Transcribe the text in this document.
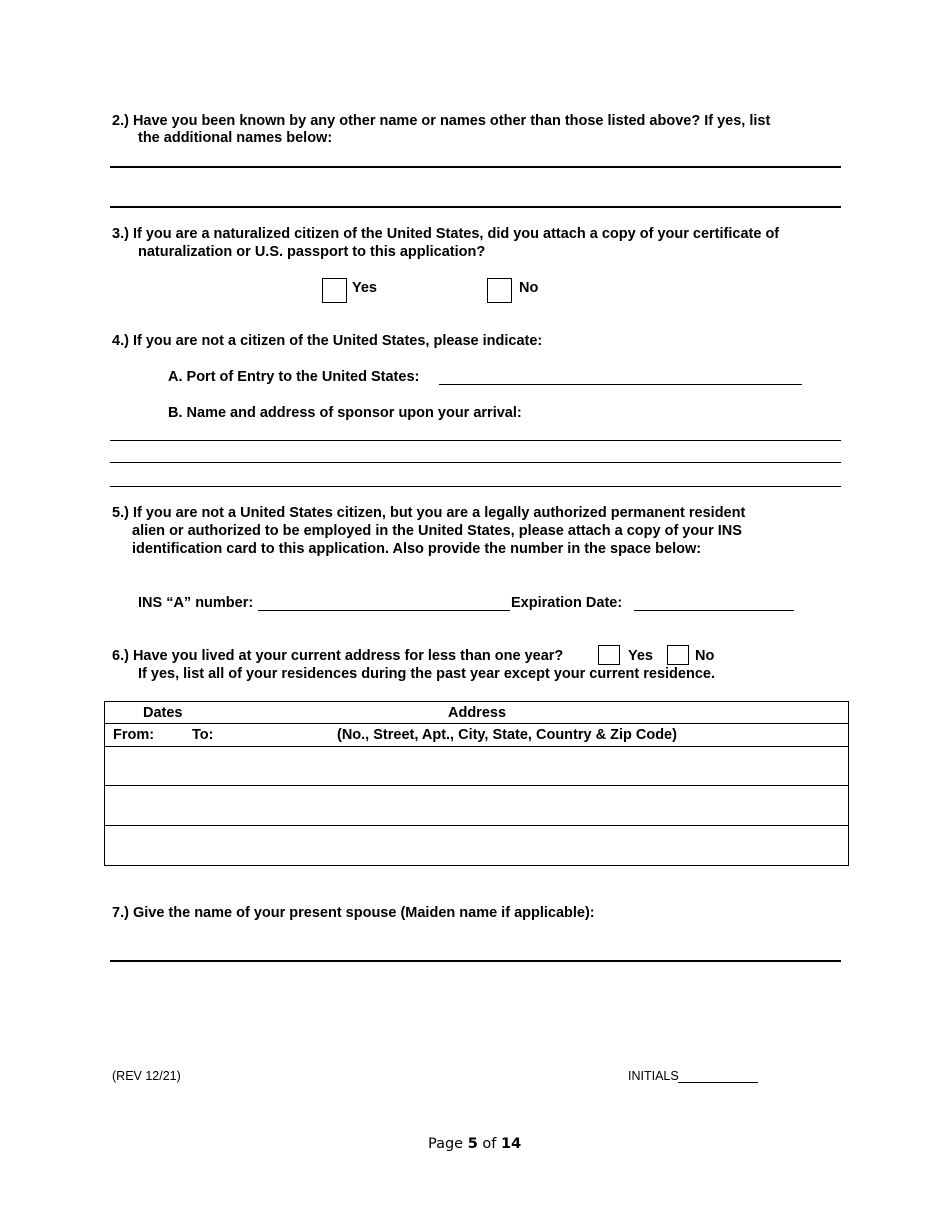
2.) Have you been known by any other name or names other than those listed above? If yes, list
the additional names below:
3.) If you are a naturalized citizen of the United States, did you attach a copy of your certificate of
naturalization or U.S. passport to this application?
Yes	No
4.) If you are not a citizen of the United States, please indicate:
A. Port of Entry to the United States:
B. Name and address of sponsor upon your arrival:
5.) If you are not a United States citizen, but you are a legally authorized permanent resident
alien or authorized to be employed in the United States, please attach a copy of your INS
identification card to this application. Also provide the number in the space below:
INS “A” number:	Expiration Date:
6.) Have you lived at your current address for less than one year?	Yes	No
If yes, list all of your residences during the past year except your current residence.
Dates	Address
From:	To:	(No., Street, Apt., City, State, Country & Zip Code)
7.) Give the name of your present spouse (Maiden name if applicable):
(REV 12/21)	INITIALS
Page 5 of 14
